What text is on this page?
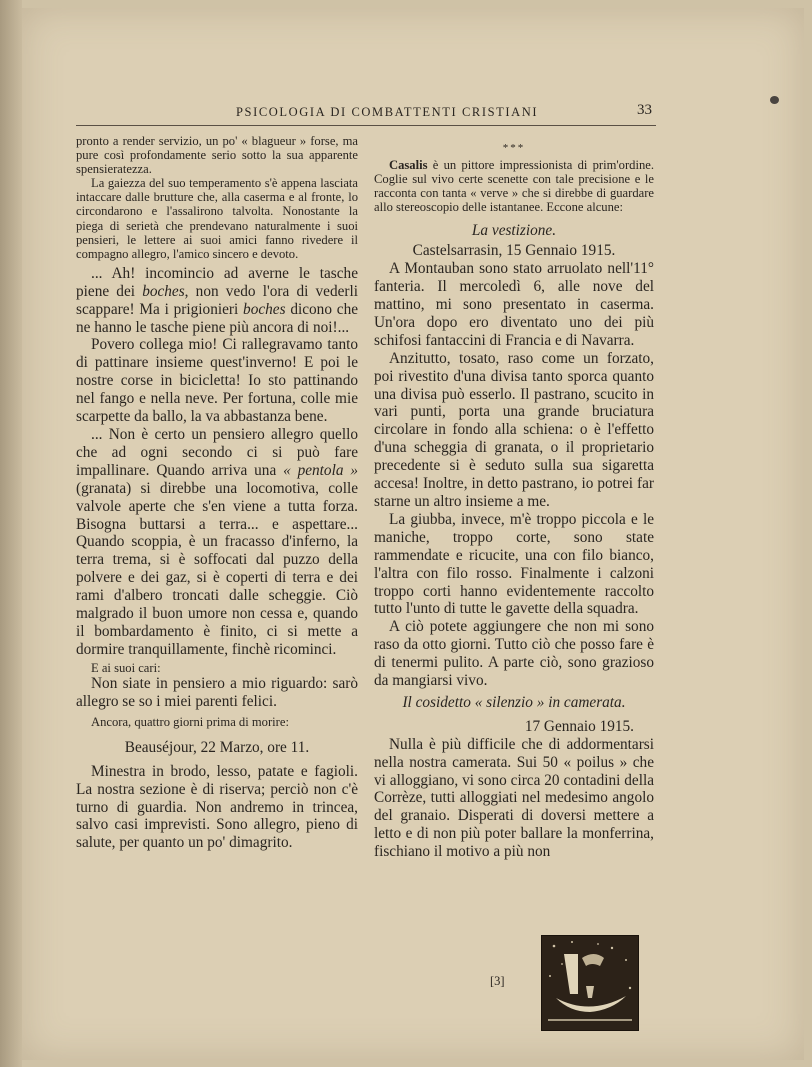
PSICOLOGIA DI COMBATTENTI CRISTIANI	33

pronto a render servizio, un po' « blagueur » forse, ma pure così profondamente serio sotto la sua apparente spensieratezza.

La gaiezza del suo temperamento s'è appena lasciata intaccare dalle brutture che, alla caserma e al fronte, lo circondarono e l'assalirono talvolta. Nonostante la piega di serietà che prendevano naturalmente i suoi pensieri, le lettere ai suoi amici fanno rivedere il compagno allegro, l'amico sincero e devoto.

... Ah! incomincio ad averne le tasche piene dei boches, non vedo l'ora di vederli scappare! Ma i prigionieri boches dicono che ne hanno le tasche piene più ancora di noi!...

Povero collega mio! Ci rallegravamo tanto di pattinare insieme quest'inverno! E poi le nostre corse in bicicletta! Io sto pattinando nel fango e nella neve. Per fortuna, colle mie scarpette da ballo, la va abbastanza bene.

... Non è certo un pensiero allegro quello che ad ogni secondo ci si può fare impallinare. Quando arriva una « pentola » (granata) si direbbe una locomotiva, colle valvole aperte che s'en viene a tutta forza. Bisogna buttarsi a terra... e aspettare... Quando scoppia, è un fracasso d'inferno, la terra trema, si è soffocati dal puzzo della polvere e dei gaz, si è coperti di terra e dei rami d'albero troncati dalle scheggie. Ciò malgrado il buon umore non cessa e, quando il bombardamento è finito, ci si mette a dormire tranquillamente, finchè ricominci.

E ai suoi cari:

Non siate in pensiero a mio riguardo: sarò allegro se so i miei parenti felici.

Ancora, quattro giorni prima di morire:

Beauséjour, 22 Marzo, ore 11.

Minestra in brodo, lesso, patate e fagioli. La nostra sezione è di riserva; perciò non c'è turno di guardia. Non andremo in trincea, salvo casi imprevisti. Sono allegro, pieno di salute, per quanto un po' dimagrito.

***

Casalis è un pittore impressionista di prim'ordine. Coglie sul vivo certe scenette con tale precisione e le racconta con tanta « verve » che si direbbe di guardare allo stereoscopio delle istantanee. Eccone alcune:

La vestizione.

Castelsarrasin, 15 Gennaio 1915.

A Montauban sono stato arruolato nell'11° fanteria. Il mercoledì 6, alle nove del mattino, mi sono presentato in caserma. Un'ora dopo ero diventato uno dei più schifosi fantaccini di Francia e di Navarra.

Anzitutto, tosato, raso come un forzato, poi rivestito d'una divisa tanto sporca quanto una divisa può esserlo. Il pastrano, scucito in vari punti, porta una grande bruciatura circolare in fondo alla schiena: o è l'effetto d'una scheggia di granata, o il proprietario precedente si è seduto sulla sua sigaretta accesa! Inoltre, in detto pastrano, io potrei far starne un altro insieme a me.

La giubba, invece, m'è troppo piccola e le maniche, troppo corte, sono state rammendate e ricucite, una con filo bianco, l'altra con filo rosso. Finalmente i calzoni troppo corti hanno evidentemente raccolto tutto l'unto di tutte le gavette della squadra.

A ciò potete aggiungere che non mi sono raso da otto giorni. Tutto ciò che posso fare è di tenermi pulito. A parte ciò, sono grazioso da mangiarsi vivo.

Il cosidetto « silenzio » in camerata.

17 Gennaio 1915.

Nulla è più difficile che di addormentarsi nella nostra camerata. Sui 50 « poilus » che vi alloggiano, vi sono circa 20 contadini della Corrèze, tutti alloggiati nel medesimo angolo del granaio. Disperati di doversi mettere a letto e di non più poter ballare la monferrina, fischiano il motivo a più non

[3]
